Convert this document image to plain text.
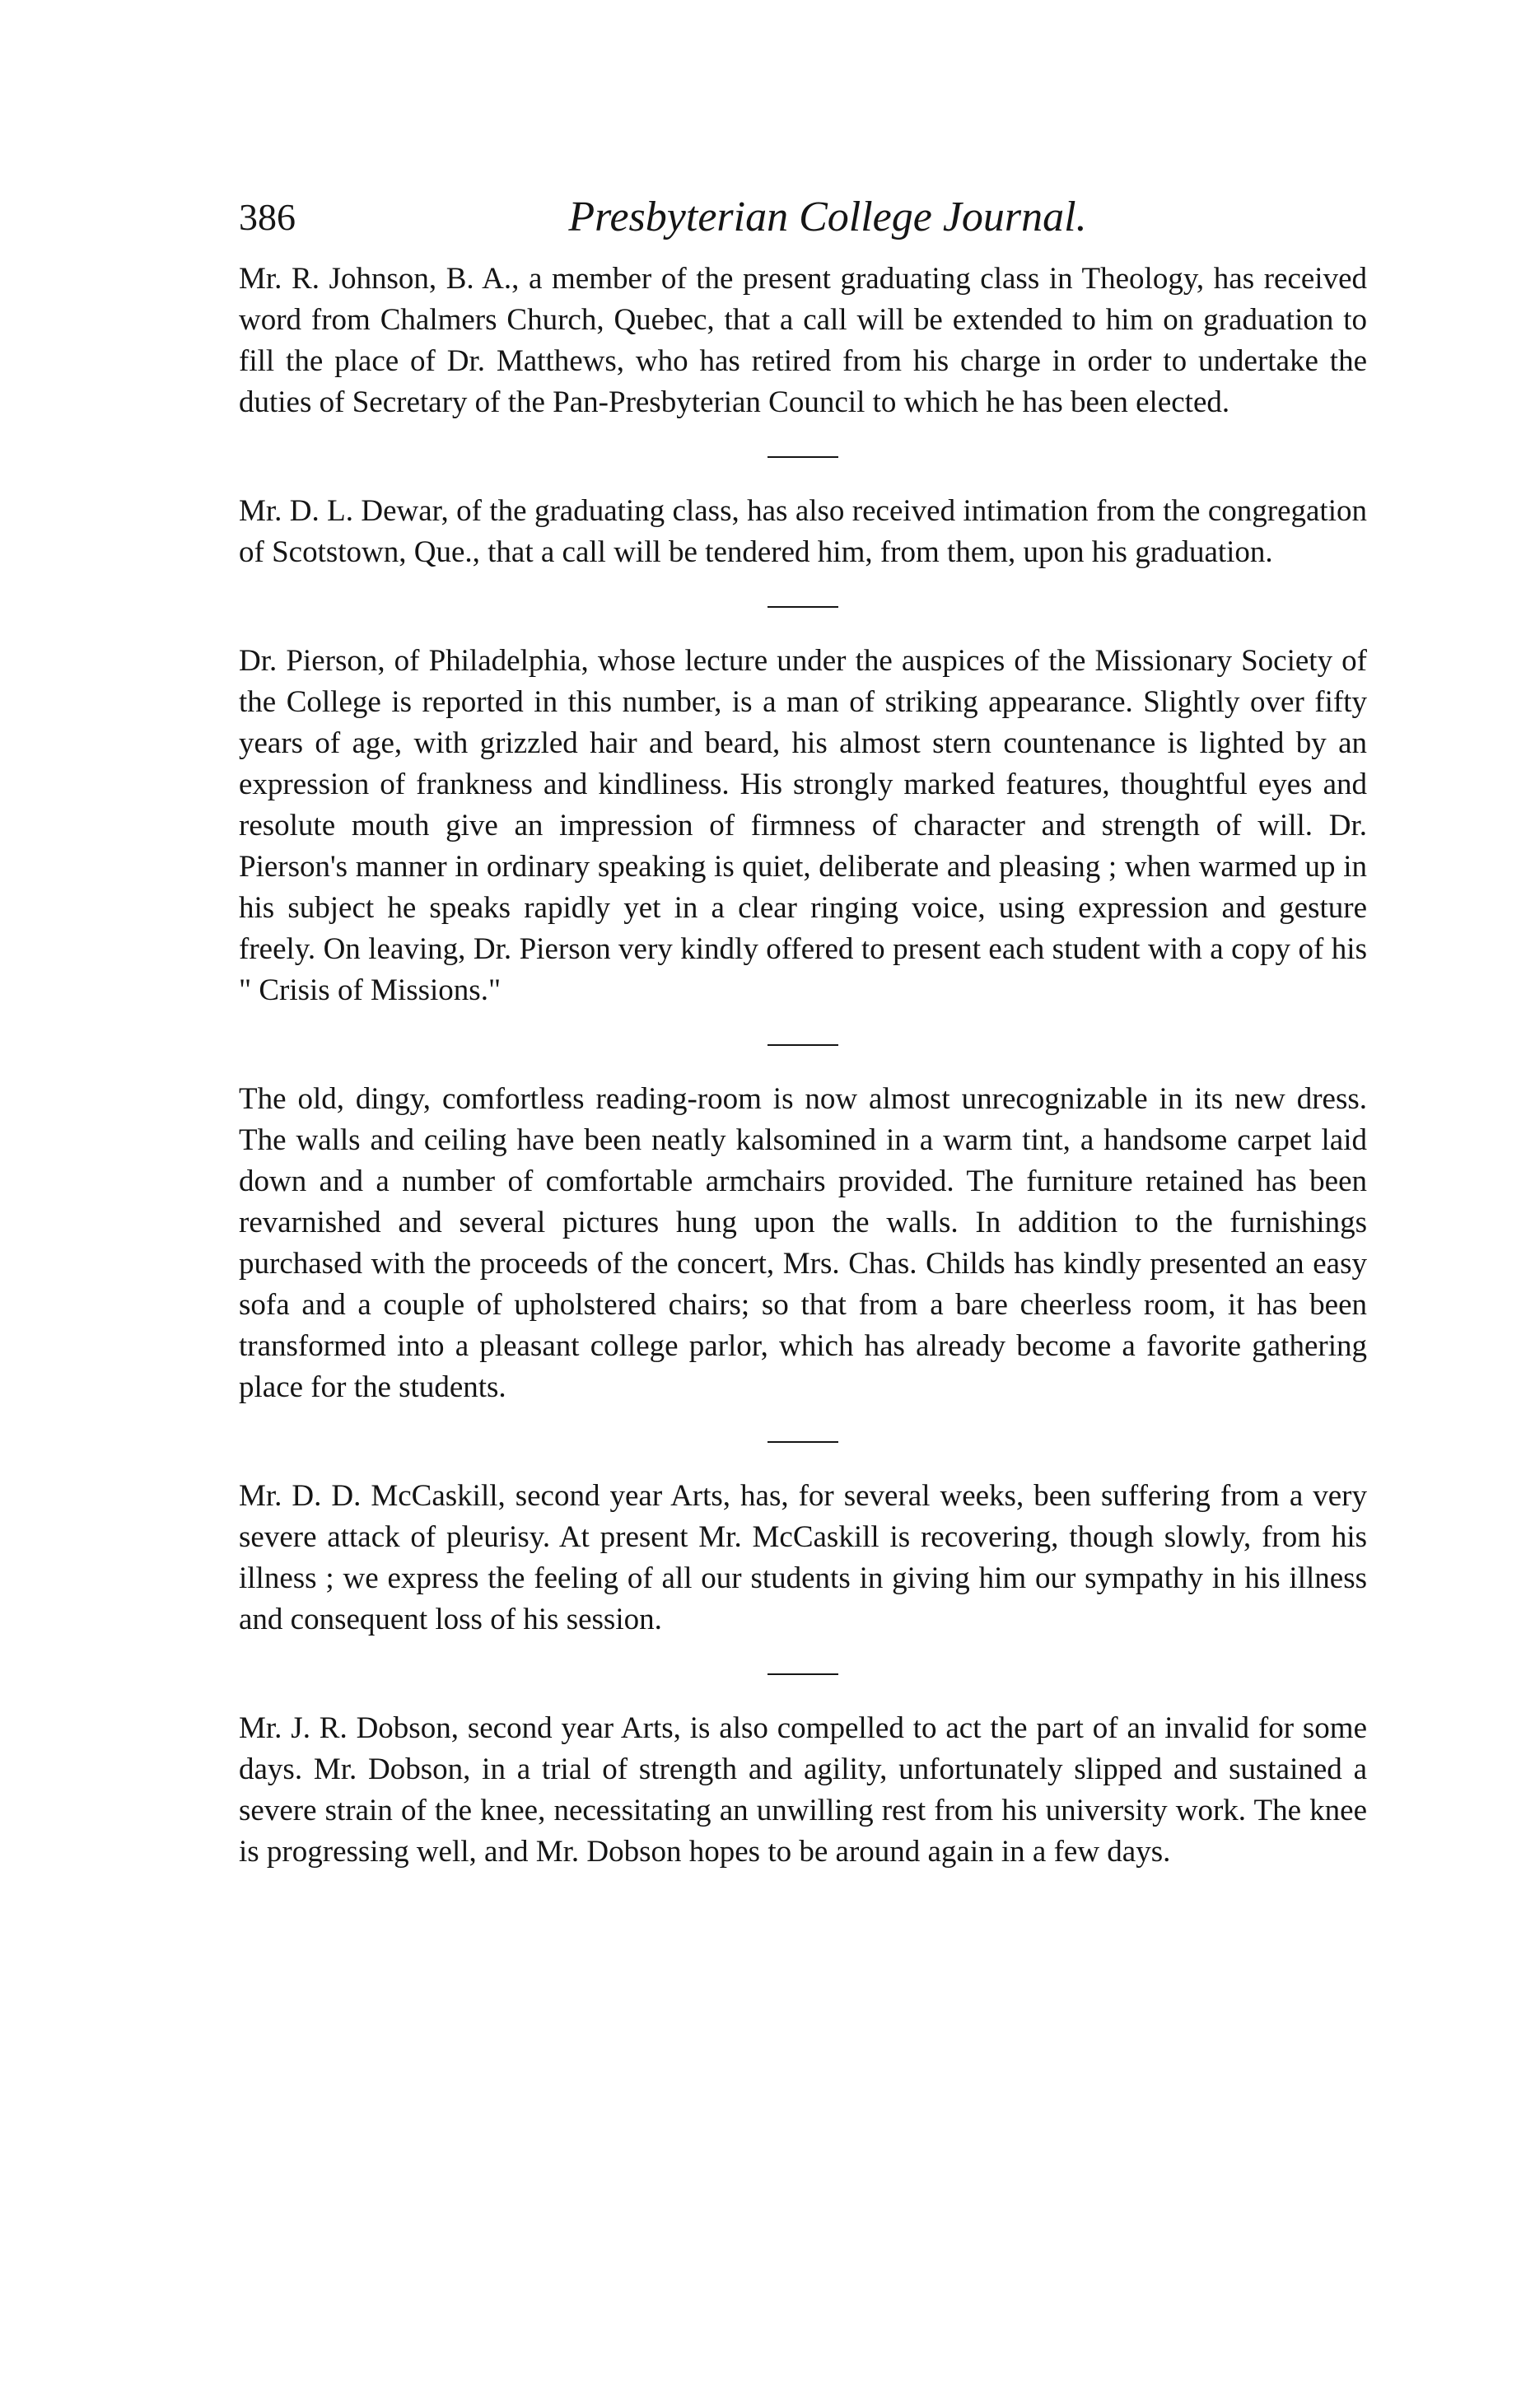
386	Presbyterian College Journal.

Mr. R. Johnson, B. A., a member of the present graduating class in Theology, has received word from Chalmers Church, Quebec, that a call will be extended to him on graduation to fill the place of Dr. Matthews, who has retired from his charge in order to undertake the duties of Secretary of the Pan-Presbyterian Council to which he has been elected.

Mr. D. L. Dewar, of the graduating class, has also received intimation from the congregation of Scotstown, Que., that a call will be tendered him, from them, upon his graduation.

Dr. Pierson, of Philadelphia, whose lecture under the auspices of the Missionary Society of the College is reported in this number, is a man of striking appearance. Slightly over fifty years of age, with grizzled hair and beard, his almost stern countenance is lighted by an expression of frankness and kindliness. His strongly marked features, thoughtful eyes and resolute mouth give an impression of firmness of character and strength of will. Dr. Pierson's manner in ordinary speaking is quiet, deliberate and pleasing ; when warmed up in his subject he speaks rapidly yet in a clear ringing voice, using expression and gesture freely. On leaving, Dr. Pierson very kindly offered to present each student with a copy of his " Crisis of Missions."

The old, dingy, comfortless reading-room is now almost unrecognizable in its new dress. The walls and ceiling have been neatly kalsomined in a warm tint, a handsome carpet laid down and a number of comfortable armchairs provided. The furniture retained has been revarnished and several pictures hung upon the walls. In addition to the furnishings purchased with the proceeds of the concert, Mrs. Chas. Childs has kindly presented an easy sofa and a couple of upholstered chairs; so that from a bare cheerless room, it has been transformed into a pleasant college parlor, which has already become a favorite gathering place for the students.

Mr. D. D. McCaskill, second year Arts, has, for several weeks, been suffering from a very severe attack of pleurisy. At present Mr. McCaskill is recovering, though slowly, from his illness ; we express the feeling of all our students in giving him our sympathy in his illness and consequent loss of his session.

Mr. J. R. Dobson, second year Arts, is also compelled to act the part of an invalid for some days. Mr. Dobson, in a trial of strength and agility, unfortunately slipped and sustained a severe strain of the knee, necessitating an unwilling rest from his university work. The knee is progressing well, and Mr. Dobson hopes to be around again in a few days.
